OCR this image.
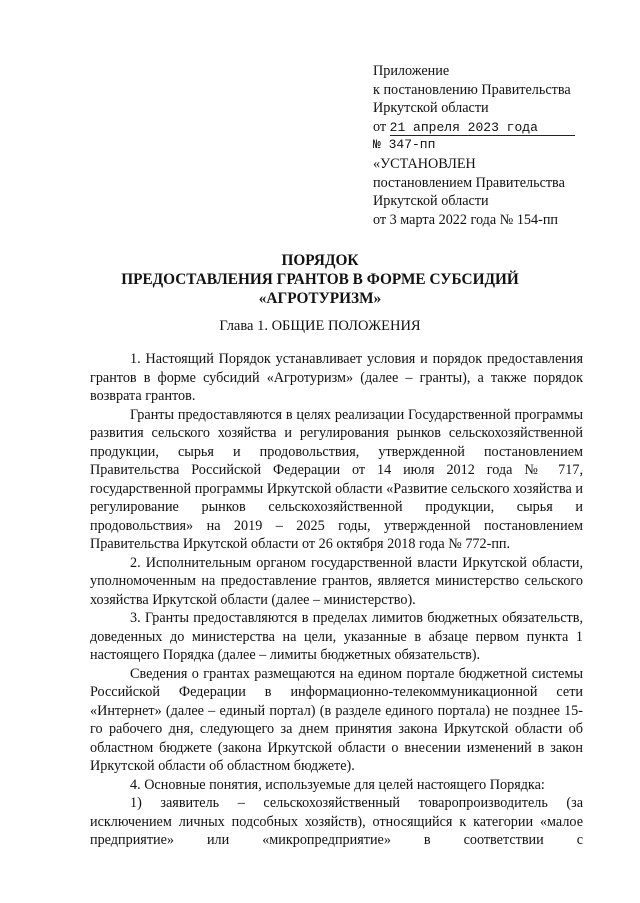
Приложение
к постановлению Правительства
Иркутской области
от 21 апреля 2023 года
№ 347-пп
«УСТАНОВЛЕН
постановлением Правительства
Иркутской области
от 3 марта 2022 года № 154-пп
ПОРЯДОК
ПРЕДОСТАВЛЕНИЯ ГРАНТОВ В ФОРМЕ СУБСИДИЙ
«АГРОТУРИЗМ»
Глава 1. ОБЩИЕ ПОЛОЖЕНИЯ

1. Настоящий Порядок устанавливает условия и порядок предоставления грантов в форме субсидий «Агротуризм» (далее – гранты), а также порядок возврата грантов.

Гранты предоставляются в целях реализации Государственной программы развития сельского хозяйства и регулирования рынков сельскохозяйственной продукции, сырья и продовольствия, утвержденной постановлением Правительства Российской Федерации от 14 июля 2012 года № 717, государственной программы Иркутской области «Развитие сельского хозяйства и регулирование рынков сельскохозяйственной продукции, сырья и продовольствия» на 2019 – 2025 годы, утвержденной постановлением Правительства Иркутской области от 26 октября 2018 года № 772-пп.

2. Исполнительным органом государственной власти Иркутской области, уполномоченным на предоставление грантов, является министерство сельского хозяйства Иркутской области (далее – министерство).

3. Гранты предоставляются в пределах лимитов бюджетных обязательств, доведенных до министерства на цели, указанные в абзаце первом пункта 1 настоящего Порядка (далее – лимиты бюджетных обязательств).

Сведения о грантах размещаются на едином портале бюджетной системы Российской Федерации в информационно-телекоммуникационной сети «Интернет» (далее – единый портал) (в разделе единого портала) не позднее 15-го рабочего дня, следующего за днем принятия закона Иркутской области об областном бюджете (закона Иркутской области о внесении изменений в закон Иркутской области об областном бюджете).

4. Основные понятия, используемые для целей настоящего Порядка:

1) заявитель – сельскохозяйственный товаропроизводитель (за исключением личных подсобных хозяйств), относящийся к категории «малое предприятие» или «микропредприятие» в соответствии с
